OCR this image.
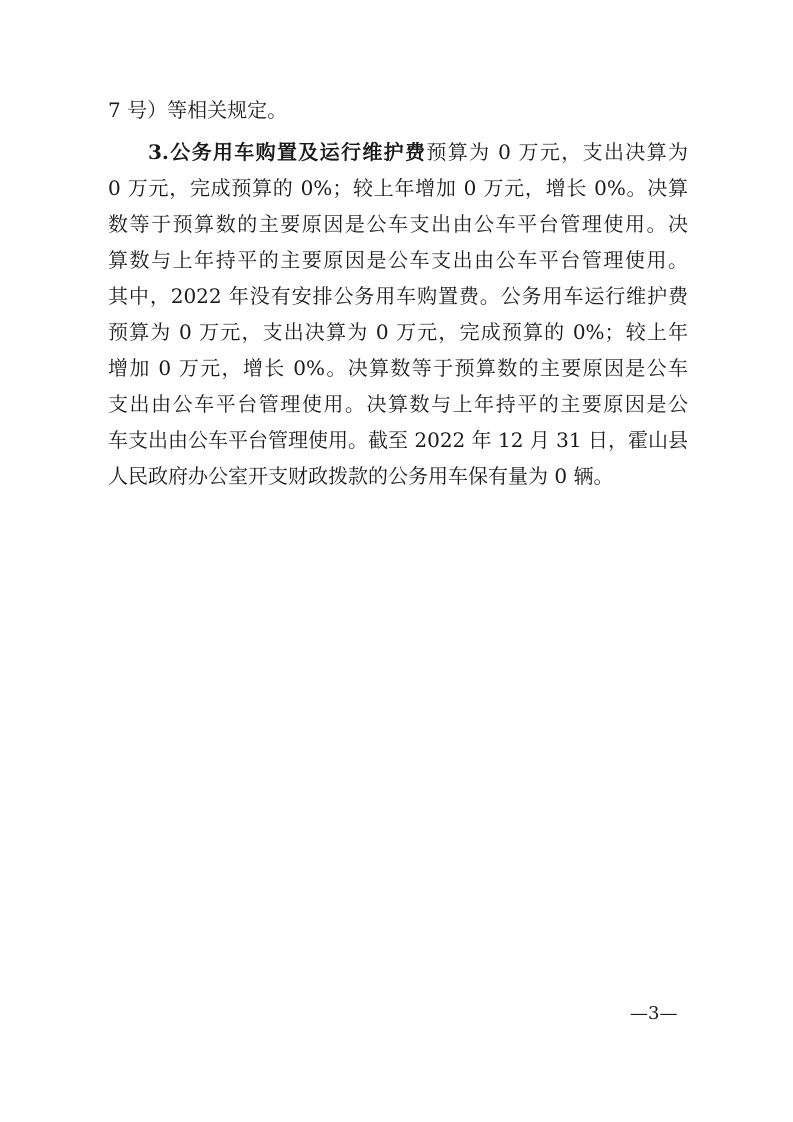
7 号）等相关规定。
3.公务用车购置及运行维护费预算为 0 万元，支出决算为
0 万元，完成预算的 0%；较上年增加 0 万元，增长 0%。决算
数等于预算数的主要原因是公车支出由公车平台管理使用。决
算数与上年持平的主要原因是公车支出由公车平台管理使用。
其中，2022 年没有安排公务用车购置费。公务用车运行维护费
预算为 0 万元，支出决算为 0 万元，完成预算的 0%；较上年
增加 0 万元，增长 0%。决算数等于预算数的主要原因是公车
支出由公车平台管理使用。决算数与上年持平的主要原因是公
车支出由公车平台管理使用。截至 2022 年 12 月 31 日，霍山县
人民政府办公室开支财政拨款的公务用车保有量为 0 辆。
—3—
